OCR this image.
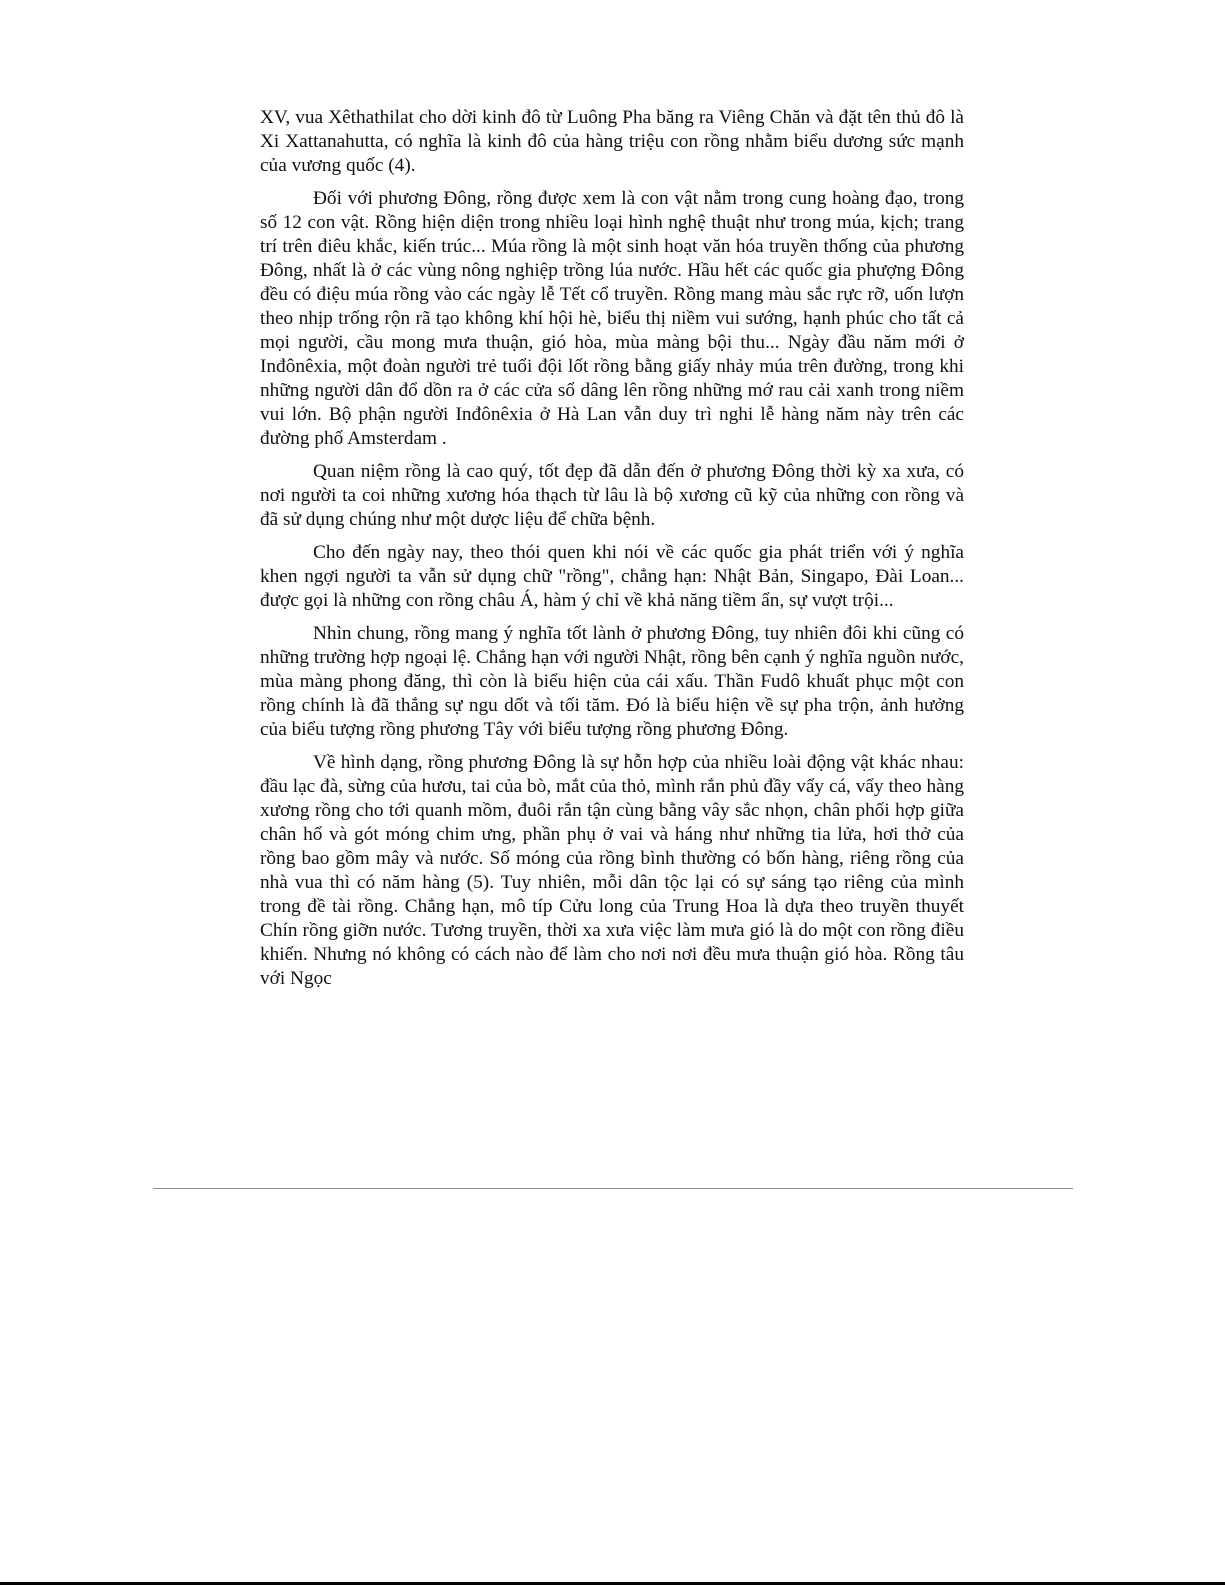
XV, vua Xêthathilat cho dời kinh đô từ Luông Pha băng ra Viêng Chăn và đặt tên thủ đô là Xi Xattanahutta, có nghĩa là kinh đô của hàng triệu con rồng nhằm biểu dương sức mạnh của vương quốc (4).

Đối với phương Đông, rồng được xem là con vật nằm trong cung hoàng đạo, trong số 12 con vật. Rồng hiện diện trong nhiều loại hình nghệ thuật như trong múa, kịch; trang trí trên điêu khắc, kiến trúc... Múa rồng là một sinh hoạt văn hóa truyền thống của phương Đông, nhất là ở các vùng nông nghiệp trồng lúa nước. Hầu hết các quốc gia phượng Đông đều có điệu múa rồng vào các ngày lễ Tết cổ truyền. Rồng mang màu sắc rực rỡ, uốn lượn theo nhịp trống rộn rã tạo không khí hội hè, biểu thị niềm vui sướng, hạnh phúc cho tất cả mọi người, cầu mong mưa thuận, gió hòa, mùa màng bội thu... Ngày đầu năm mới ở Inđônêxia, một đoàn người trẻ tuổi đội lốt rồng bằng giấy nhảy múa trên đường, trong khi những người dân đổ dồn ra ở các cửa sổ dâng lên rồng những mớ rau cải xanh trong niềm vui lớn. Bộ phận người Inđônêxia ở Hà Lan vẫn duy trì nghi lễ hàng năm này trên các đường phố Amsterdam .

Quan niệm rồng là cao quý, tốt đẹp đã dẫn đến ở phương Đông thời kỳ xa xưa, có nơi người ta coi những xương hóa thạch từ lâu là bộ xương cũ kỹ của những con rồng và đã sử dụng chúng như một dược liệu để chữa bệnh.

Cho đến ngày nay, theo thói quen khi nói về các quốc gia phát triển với ý nghĩa khen ngợi người ta vẫn sử dụng chữ "rồng", chẳng hạn: Nhật Bản, Singapo, Đài Loan... được gọi là những con rồng châu Á, hàm ý chỉ về khả năng tiềm ẩn, sự vượt trội...

Nhìn chung, rồng mang ý nghĩa tốt lành ở phương Đông, tuy nhiên đôi khi cũng có những trường hợp ngoại lệ. Chẳng hạn với người Nhật, rồng bên cạnh ý nghĩa nguồn nước, mùa màng phong đăng, thì còn là biểu hiện của cái xấu. Thần Fudô khuất phục một con rồng chính là đã thắng sự ngu dốt và tối tăm. Đó là biểu hiện về sự pha trộn, ảnh hưởng của biểu tượng rồng phương Tây với biểu tượng rồng phương Đông.

Về hình dạng, rồng phương Đông là sự hỗn hợp của nhiều loài động vật khác nhau: đầu lạc đà, sừng của hươu, tai của bò, mắt của thỏ, mình rắn phủ đầy vẩy cá, vẩy theo hàng xương rồng cho tới quanh mồm, đuôi rắn tận cùng bằng vây sắc nhọn, chân phối hợp giữa chân hổ và gót móng chim ưng, phần phụ ở vai và háng như những tia lửa, hơi thở của rồng bao gồm mây và nước. Số móng của rồng bình thường có bốn hàng, riêng rồng của nhà vua thì có năm hàng (5). Tuy nhiên, mỗi dân tộc lại có sự sáng tạo riêng của mình trong đề tài rồng. Chẳng hạn, mô típ Cửu long của Trung Hoa là dựa theo truyền thuyết Chín rồng giỡn nước. Tương truyền, thời xa xưa việc làm mưa gió là do một con rồng điều khiển. Nhưng nó không có cách nào để làm cho nơi nơi đều mưa thuận gió hòa. Rồng tâu với Ngọc
